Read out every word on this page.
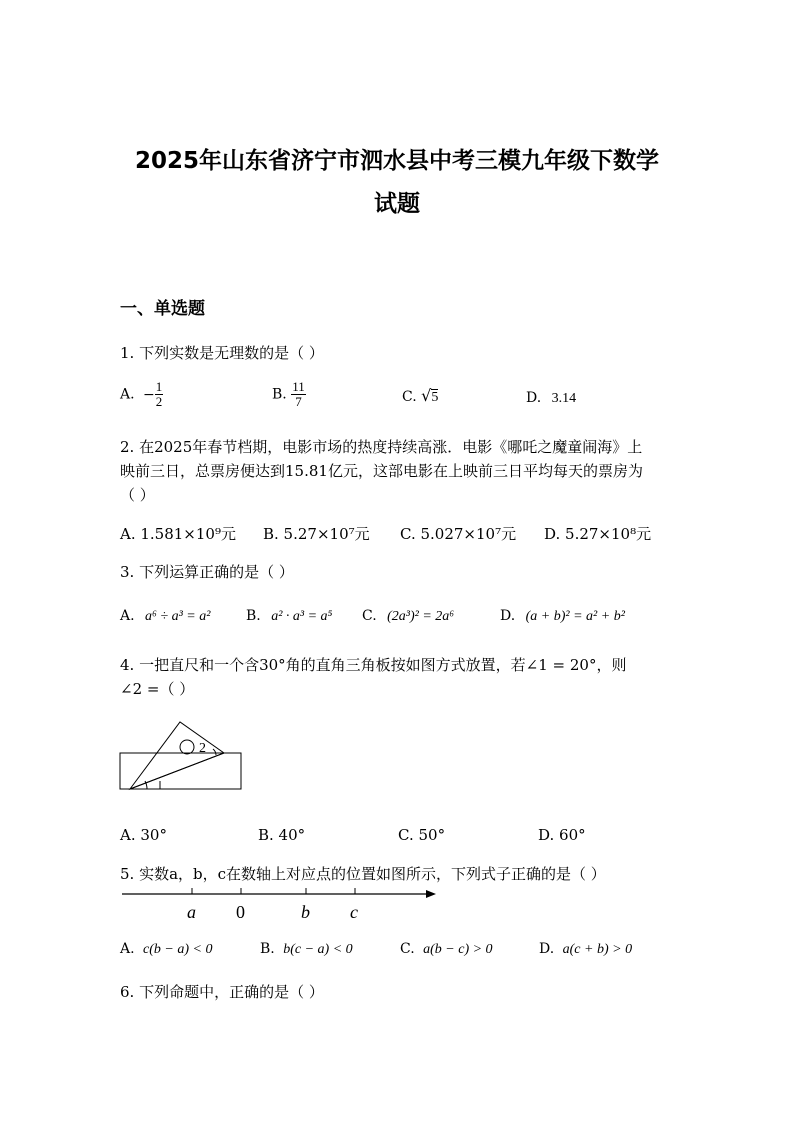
2025年山东省济宁市泗水县中考三模九年级下数学
试题
一、单选题
1. 下列实数是无理数的是（ ）
A. − $\frac{1}{2}$	B. $\frac{11}{7}$	C. √5	D. 3.14
2. 在2025年春节档期，电影市场的热度持续高涨．电影《哪吒之魔童闹海》上
映前三日，总票房便达到15.81亿元，这部电影在上映前三日平均每天的票房为
（ ）
A. 1.581×10⁹元 B. 5.27×10⁷元 C. 5.027×10⁷元 D. 5.27×10⁸元
3. 下列运算正确的是（ ）
A. a⁶ ÷ a³ = a²	B. a² · a³ = a⁵ C. (2a³)² = 2a⁶	D. (a + b)² = a² + b²
4. 一把直尺和一个含30°角的直角三角板按如图方式放置，若∠1 = 20°，则
∠2 =（ ）
2
A. 30°	B. 40°	C. 50°	D. 60°
5. 实数a，b，c在数轴上对应点的位置如图所示，下列式子正确的是（ ）
a 0	b c
A. c(b − a) < 0	B. b(c − a) < 0	C. a(b − c) > 0	D. a(c + b) > 0
6. 下列命题中，正确的是（ ）
